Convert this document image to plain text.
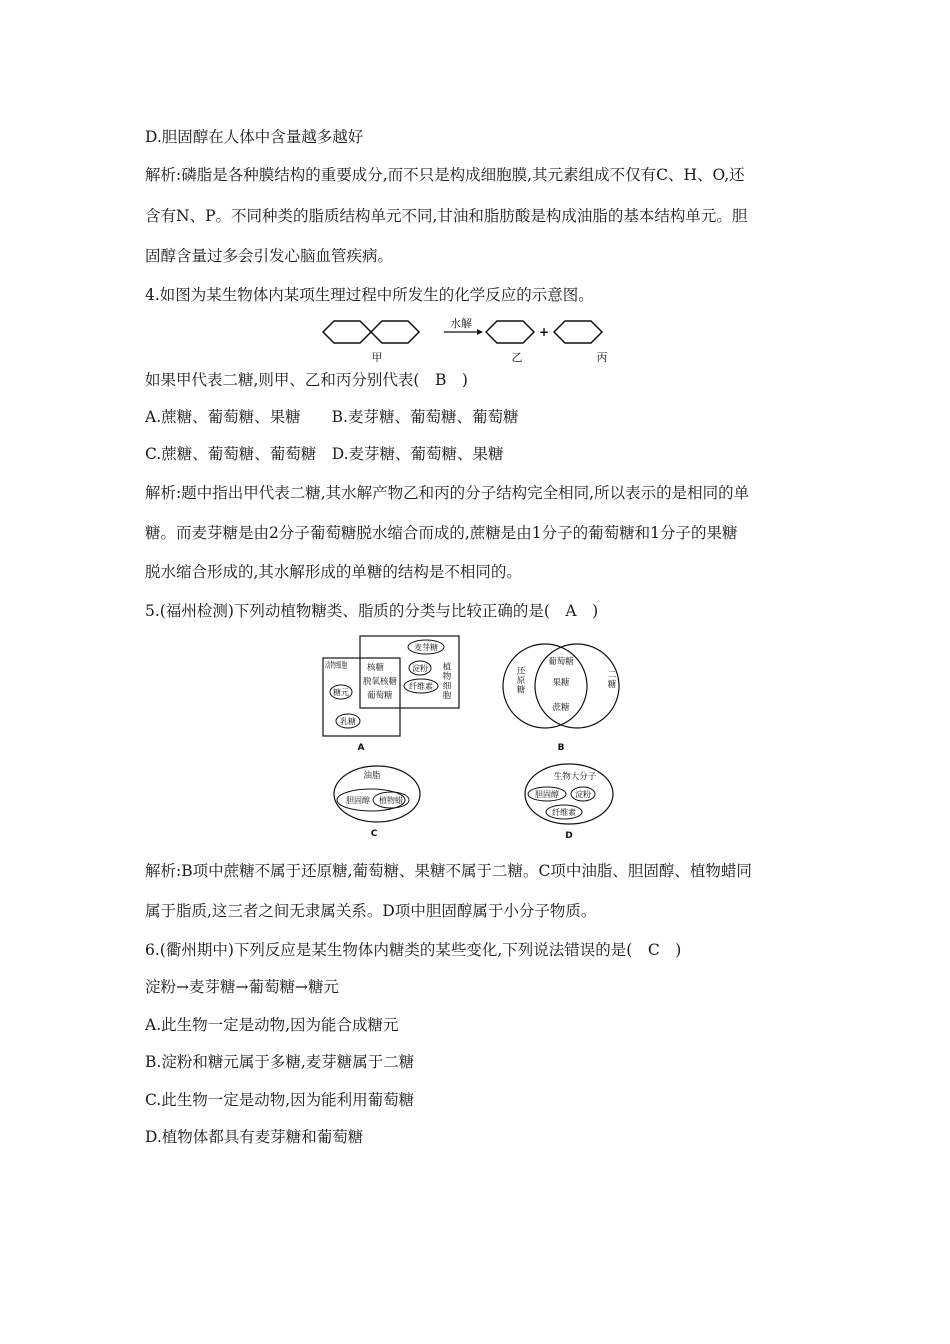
D.胆固醇在人体中含量越多越好
解析:磷脂是各种膜结构的重要成分,而不只是构成细胞膜,其元素组成不仅有C、H、O,还
含有N、P。不同种类的脂质结构单元不同,甘油和脂肪酸是构成油脂的基本结构单元。胆
固醇含量过多会引发心脑血管疾病。
4.如图为某生物体内某项生理过程中所发生的化学反应的示意图。
水解
+
甲	乙	丙
如果甲代表二糖,则甲、乙和丙分别代表(　B　)
A.蔗糖、葡萄糖、果糖　　B.麦芽糖、葡萄糖、葡萄糖
C.蔗糖、葡萄糖、葡萄糖　D.麦芽糖、葡萄糖、果糖
解析:题中指出甲代表二糖,其水解产物乙和丙的分子结构完全相同,所以表示的是相同的单
糖。而麦芽糖是由2分子葡萄糖脱水缩合而成的,蔗糖是由1分子的葡萄糖和1分子的果糖
脱水缩合形成的,其水解形成的单糖的结构是不相同的。
5.(福州检测)下列动植物糖类、脂质的分类与比较正确的是(　A　)
动物细胞
糖元
乳糖
核糖
脱氧核糖
葡萄糖
麦芽糖
淀粉
纤维素 植物细胞
A
还原糖	二糖
葡萄糖
果糖
蔗糖
B
油脂
胆固醇 植物蜡
C
生物大分子
胆固醇 淀粉
纤维素
D
解析:B项中蔗糖不属于还原糖,葡萄糖、果糖不属于二糖。C项中油脂、胆固醇、植物蜡同
属于脂质,这三者之间无隶属关系。D项中胆固醇属于小分子物质。
6.(衢州期中)下列反应是某生物体内糖类的某些变化,下列说法错误的是(　C　)
淀粉→麦芽糖→葡萄糖→糖元
A.此生物一定是动物,因为能合成糖元
B.淀粉和糖元属于多糖,麦芽糖属于二糖
C.此生物一定是动物,因为能利用葡萄糖
D.植物体都具有麦芽糖和葡萄糖
